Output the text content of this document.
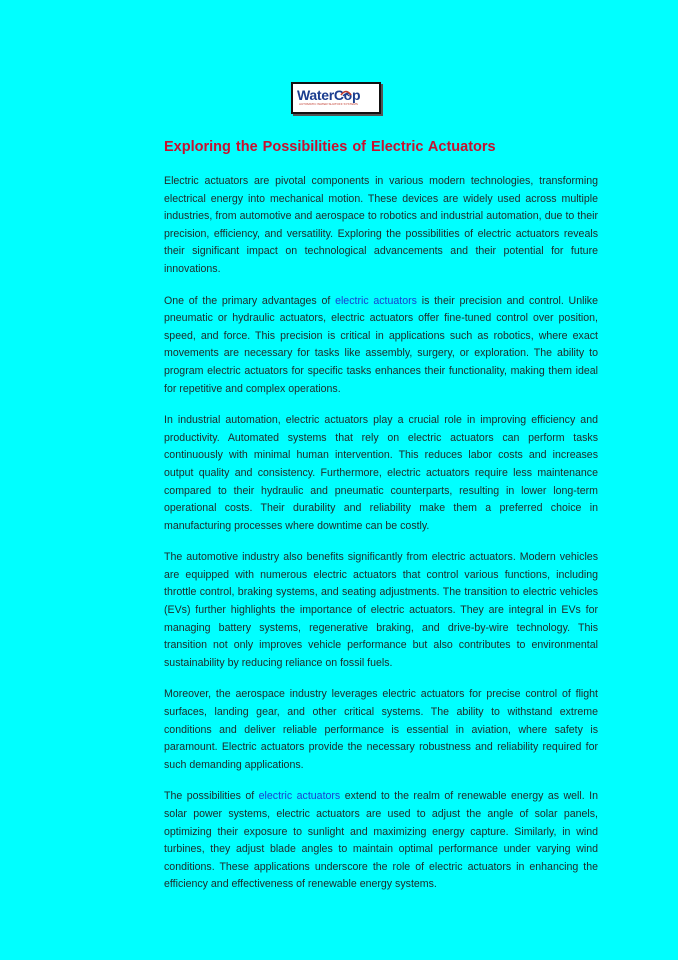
WaterCop
AUTOMATIC WATER SHUTOFF SYSTEMS
Exploring the Possibilities of Electric Actuators

Electric actuators are pivotal components in various modern technologies, transforming electrical energy into mechanical motion. These devices are widely used across multiple industries, from automotive and aerospace to robotics and industrial automation, due to their precision, efficiency, and versatility. Exploring the possibilities of electric actuators reveals their significant impact on technological advancements and their potential for future innovations.

One of the primary advantages of electric actuators is their precision and control. Unlike pneumatic or hydraulic actuators, electric actuators offer fine-tuned control over position, speed, and force. This precision is critical in applications such as robotics, where exact movements are necessary for tasks like assembly, surgery, or exploration. The ability to program electric actuators for specific tasks enhances their functionality, making them ideal for repetitive and complex operations.

In industrial automation, electric actuators play a crucial role in improving efficiency and productivity. Automated systems that rely on electric actuators can perform tasks continuously with minimal human intervention. This reduces labor costs and increases output quality and consistency. Furthermore, electric actuators require less maintenance compared to their hydraulic and pneumatic counterparts, resulting in lower long-term operational costs. Their durability and reliability make them a preferred choice in manufacturing processes where downtime can be costly.

The automotive industry also benefits significantly from electric actuators. Modern vehicles are equipped with numerous electric actuators that control various functions, including throttle control, braking systems, and seating adjustments. The transition to electric vehicles (EVs) further highlights the importance of electric actuators. They are integral in EVs for managing battery systems, regenerative braking, and drive-by-wire technology. This transition not only improves vehicle performance but also contributes to environmental sustainability by reducing reliance on fossil fuels.

Moreover, the aerospace industry leverages electric actuators for precise control of flight surfaces, landing gear, and other critical systems. The ability to withstand extreme conditions and deliver reliable performance is essential in aviation, where safety is paramount. Electric actuators provide the necessary robustness and reliability required for such demanding applications.

The possibilities of electric actuators extend to the realm of renewable energy as well. In solar power systems, electric actuators are used to adjust the angle of solar panels, optimizing their exposure to sunlight and maximizing energy capture. Similarly, in wind turbines, they adjust blade angles to maintain optimal performance under varying wind conditions. These applications underscore the role of electric actuators in enhancing the efficiency and effectiveness of renewable energy systems.
